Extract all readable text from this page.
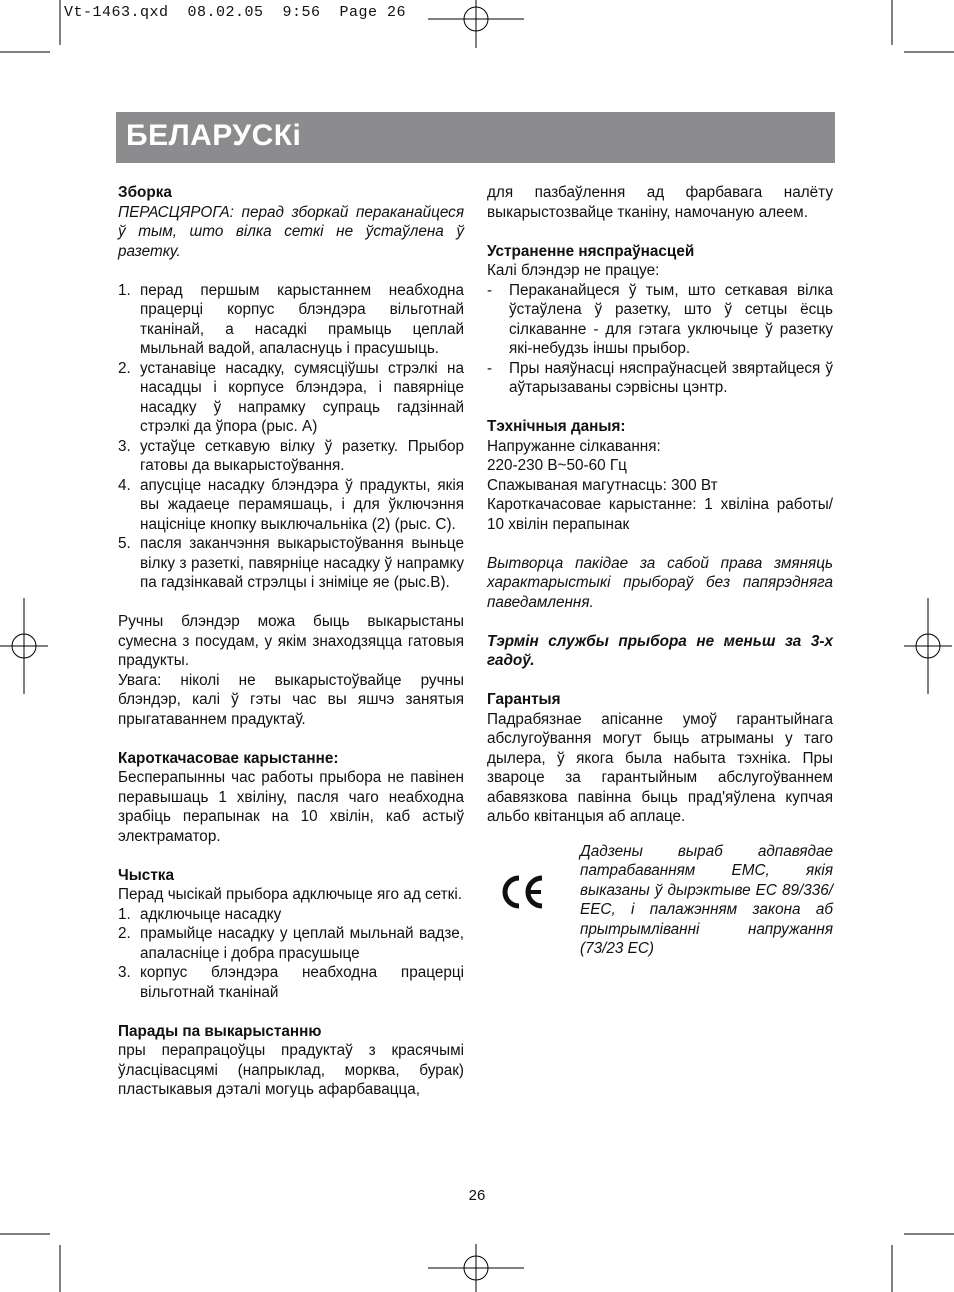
Vt-1463.qxd  08.02.05  9:56  Page 26
БЕЛАРУСКi

Зборка

ПЕРАСЦЯРОГА: перад зборкай пераканайцеся ў тым, што вілка сеткі не ўстаўлена ў разетку.

1. перад першым карыстаннем неабходна працерці корпус блэндэра вільготнай тканінай, а насадкі прамыць цеплай мыльнай вадой, апаласнуць і прасушыць.
2. устанавіце насадку, сумясціўшы стрэлкі на насадцы і корпусе блэндэра, і павярніце насадку ў напрамку супраць гадзіннай стрэлкі да ўпора (рыс. А)
3. устаўце сеткавую вілку ў разетку. Прыбор гатовы да выкарыстоўвання.
4. апусціце насадку блэндэра ў прадукты, якія вы жадаеце перамяшаць, і для ўключэння націсніце кнопку выключальніка (2) (рыс. С).
5. пасля заканчэння выкарыстоўвання выньце вілку з разеткі, павярніце насадку ў напрамку па гадзінкавай стрэлцы і зніміце яе (рыс.В).

Ручны блэндэр можа быць выкарыстаны сумесна з посудам, у якім знаходзяцца гатовыя прадукты.

Увага: ніколі не выкарыстоўвайце ручны блэндэр, калі ў гэты час вы яшчэ занятыя прыгатаваннем прадуктаў.

Кароткачасовае карыстанне:

Бесперапынны час работы прыбора не павінен перавышаць 1 хвіліну, пасля чаго неабходна зрабіць перапынак на 10 хвілін, каб астыў электраматор.

Чыстка

Перад чысікай прыбора адключыце яго ад сеткі.

1. адключыце насадку
2. прамыйце насадку у цеплай мыльнай вадзе, апаласніце і добра прасушыце
3. корпус блэндэра неабходна працерці вільготнай тканінай

Парады па выкарыстанню

пры перапрацоўцы прадуктаў з красячымі ўласцівасцямі (напрыклад, морква, бурак) пластыкавыя дэталі могуць афарбавацца,

для пазбаўлення ад фарбавага налёту выкарыстозвайце тканіну, намочаную алеем.

Устраненне няспраўнасцей

Калі блэндэр не працуе:

- Пераканайцеся ў тым, што сеткавая вілка ўстаўлена ў разетку, што ў сетцы ёсць сілкаванне - для гэтага уключыце ў разетку які-небудзь іншы прыбор.
- Пры наяўнасці няспраўнасцей звяртайцеся ў аўтарызаваны сэрвісны цэнтр.

Тэхнічныя даныя:

Напружанне сілкавання:

220-230 В~50-60 Гц

Спажываная магутнасць: 300 Вт

Кароткачасовае карыстанне: 1 хвіліна работы/ 10 хвілін перапынак

Вытворца пакідае за сабой права змяняць характарыстыкі прыбораў без папярэдняга паведамлення.

Тэрмін службы прыбора не меньш за 3-х гадоў.

Гарантыя

Падрабязнае апісанне умоў гарантыйнага абслугоўвання могут быць атрыманы у таго дылера, ў якога была набыта тэхніка. Пры звароце за гарантыйным абслугоўваннем абавязкова павінна быць прад'яўлена купчая альбо квітанцыя аб аплаце.

Дадзены выраб адпавядае патрабаванням ЕМС, якія выказаны ў дырэктыве ЕС 89/336/ЕЕС, і палажэнням закона аб прытрымліванні напружання (73/23 ЕС)

26
